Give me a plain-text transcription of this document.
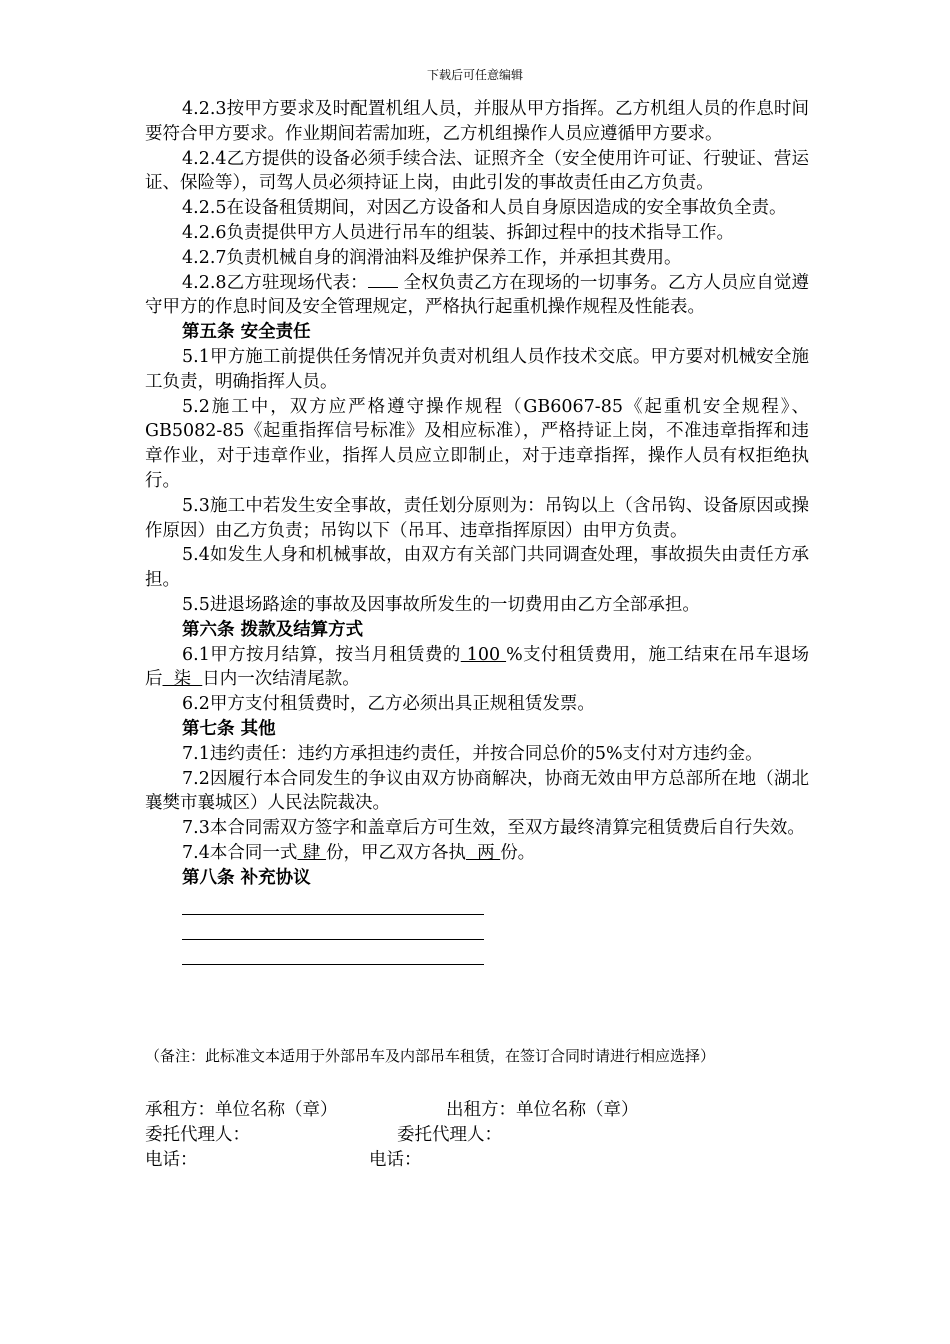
下载后可任意编辑

4.2.3按甲方要求及时配置机组人员，并服从甲方指挥。乙方机组人员的作息时间要符合甲方要求。作业期间若需加班，乙方机组操作人员应遵循甲方要求。

4.2.4乙方提供的设备必须手续合法、证照齐全（安全使用许可证、行驶证、营运证、保险等），司驾人员必须持证上岗，由此引发的事故责任由乙方负责。

4.2.5在设备租赁期间，对因乙方设备和人员自身原因造成的安全事故负全责。

4.2.6负责提供甲方人员进行吊车的组装、拆卸过程中的技术指导工作。

4.2.7负责机械自身的润滑油料及维护保养工作，并承担其费用。

4.2.8乙方驻现场代表： 全权负责乙方在现场的一切事务。乙方人员应自觉遵守甲方的作息时间及安全管理规定，严格执行起重机操作规程及性能表。

第五条 安全责任

5.1甲方施工前提供任务情况并负责对机组人员作技术交底。甲方要对机械安全施工负责，明确指挥人员。

5.2施工中，双方应严格遵守操作规程（GB6067-85《起重机安全规程》、GB5082-85《起重指挥信号标准》及相应标准），严格持证上岗，不准违章指挥和违章作业，对于违章作业，指挥人员应立即制止，对于违章指挥，操作人员有权拒绝执行。

5.3施工中若发生安全事故，责任划分原则为：吊钩以上（含吊钩、设备原因或操作原因）由乙方负责；吊钩以下（吊耳、违章指挥原因）由甲方负责。

5.4如发生人身和机械事故，由双方有关部门共同调查处理，事故损失由责任方承担。

5.5进退场路途的事故及因事故所发生的一切费用由乙方全部承担。

第六条 拨款及结算方式

6.1甲方按月结算，按当月租赁费的 100 %支付租赁费用，施工结束在吊车退场后  柒  日内一次结清尾款。

6.2甲方支付租赁费时，乙方必须出具正规租赁发票。

第七条 其他

7.1违约责任：违约方承担违约责任，并按合同总价的5%支付对方违约金。

7.2因履行本合同发生的争议由双方协商解决，协商无效由甲方总部所在地（湖北襄樊市襄城区）人民法院裁决。

7.3本合同需双方签字和盖章后方可生效，至双方最终清算完租赁费后自行失效。

7.4本合同一式 肆 份，甲乙双方各执  两 份。

第八条 补充协议

（备注：此标准文本适用于外部吊车及内部吊车租赁，在签订合同时请进行相应选择）
承租方：单位名称（章）	出租方：单位名称（章）
委托代理人：	委托代理人：
电话：	电话：
